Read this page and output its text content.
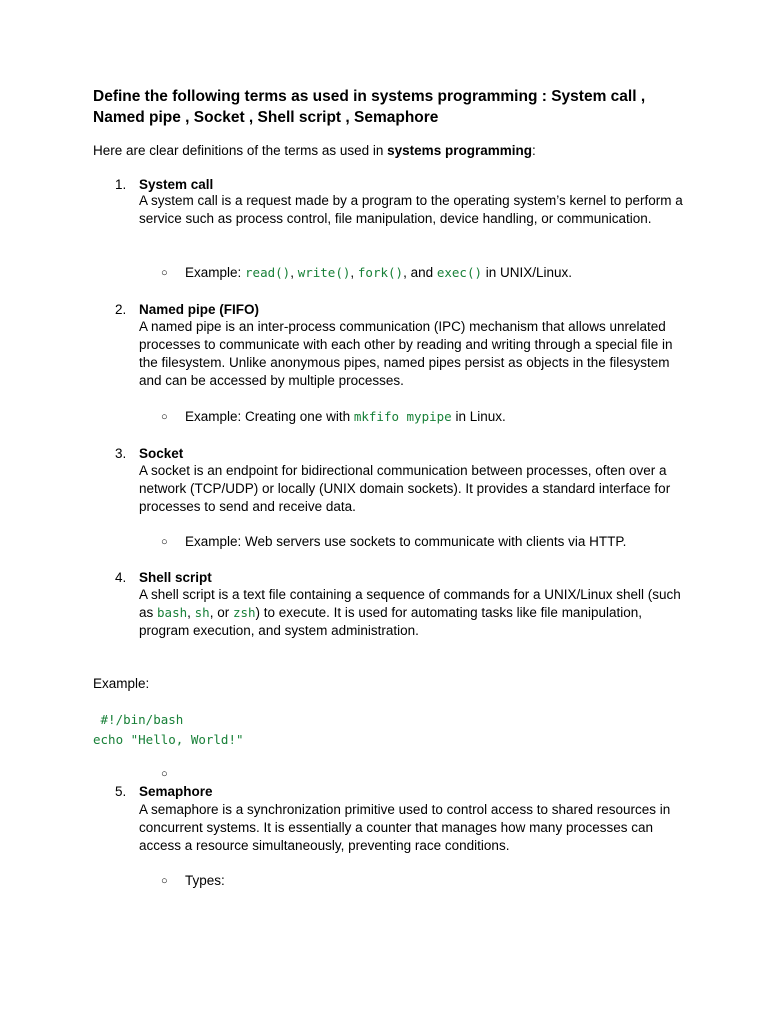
Define the following terms as used in systems programming : System call , Named pipe , Socket , Shell script , Semaphore
Here are clear definitions of the terms as used in systems programming:
1. System call
A system call is a request made by a program to the operating system’s kernel to perform a service such as process control, file manipulation, device handling, or communication.
○ Example: read(), write(), fork(), and exec() in UNIX/Linux.
2. Named pipe (FIFO)
A named pipe is an inter-process communication (IPC) mechanism that allows unrelated processes to communicate with each other by reading and writing through a special file in the filesystem. Unlike anonymous pipes, named pipes persist as objects in the filesystem and can be accessed by multiple processes.
○ Example: Creating one with mkfifo mypipe in Linux.
3. Socket
A socket is an endpoint for bidirectional communication between processes, often over a network (TCP/UDP) or locally (UNIX domain sockets). It provides a standard interface for processes to send and receive data.
○ Example: Web servers use sockets to communicate with clients via HTTP.
4. Shell script
A shell script is a text file containing a sequence of commands for a UNIX/Linux shell (such as bash, sh, or zsh) to execute. It is used for automating tasks like file manipulation, program execution, and system administration.
Example:
#!/bin/bash
echo "Hello, World!"
○
5. Semaphore
A semaphore is a synchronization primitive used to control access to shared resources in concurrent systems. It is essentially a counter that manages how many processes can access a resource simultaneously, preventing race conditions.
○ Types:
